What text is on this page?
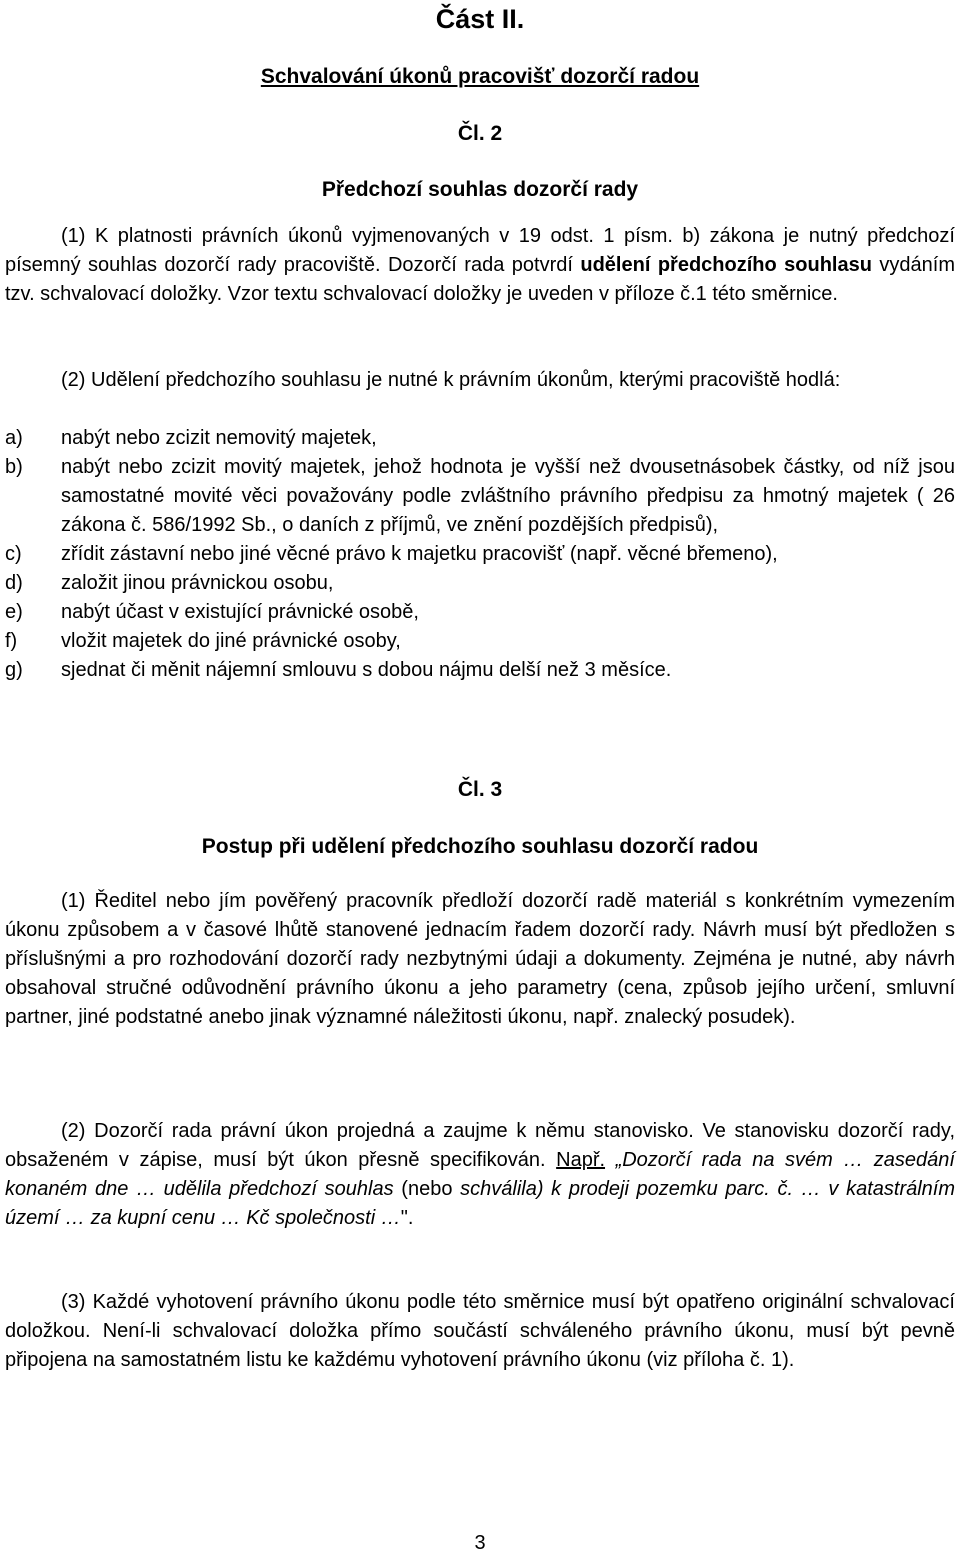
Část II.
Schvalování úkonů pracovišť dozorčí radou
Čl. 2
Předchozí souhlas dozorčí rady
(1) K platnosti právních úkonů vyjmenovaných v 19 odst. 1 písm. b) zákona je nutný předchozí písemný souhlas dozorčí rady pracoviště. Dozorčí rada potvrdí udělení předchozího souhlasu vydáním tzv. schvalovací doložky. Vzor textu schvalovací doložky je uveden v příloze č.1 této směrnice.
(2) Udělení předchozího souhlasu je nutné k právním úkonům, kterými pracoviště hodlá:
a)	nabýt nebo zcizit nemovitý majetek,
b)	nabýt nebo zcizit movitý majetek, jehož hodnota je vyšší než dvousetnásobek částky, od níž jsou samostatné movité věci považovány podle zvláštního právního předpisu za hmotný majetek ( 26 zákona č. 586/1992 Sb., o daních z příjmů, ve znění pozdějších předpisů),
c)	zřídit zástavní nebo jiné věcné právo k majetku pracovišť (např. věcné břemeno),
d)	založit jinou právnickou osobu,
e)	nabýt účast v existující právnické osobě,
f)	vložit majetek do jiné právnické osoby,
g)	sjednat či měnit nájemní smlouvu s dobou nájmu delší než 3 měsíce.
Čl. 3
Postup při udělení předchozího souhlasu dozorčí radou
(1) Ředitel nebo jím pověřený pracovník předloží dozorčí radě materiál s konkrétním vymezením úkonu způsobem a v časové lhůtě stanovené jednacím řadem dozorčí rady. Návrh musí být předložen s příslušnými a pro rozhodování dozorčí rady nezbytnými údaji a dokumenty. Zejména je nutné, aby návrh obsahoval stručné odůvodnění právního úkonu a jeho parametry (cena, způsob jejího určení, smluvní partner, jiné podstatné anebo jinak významné náležitosti úkonu, např. znalecký posudek).
(2) Dozorčí rada právní úkon projedná a zaujme k němu stanovisko. Ve stanovisku dozorčí rady, obsaženém v zápise, musí být úkon přesně specifikován. Např. „Dozorčí rada na svém … zasedání konaném dne … udělila předchozí souhlas (nebo schválila) k prodeji pozemku parc. č. … v katastrálním území … za kupní cenu … Kč společnosti …".
(3) Každé vyhotovení právního úkonu podle této směrnice musí být opatřeno originální schvalovací doložkou. Není-li schvalovací doložka přímo součástí schváleného právního úkonu, musí být pevně připojena na samostatném listu ke každému vyhotovení právního úkonu (viz příloha č. 1).
3
